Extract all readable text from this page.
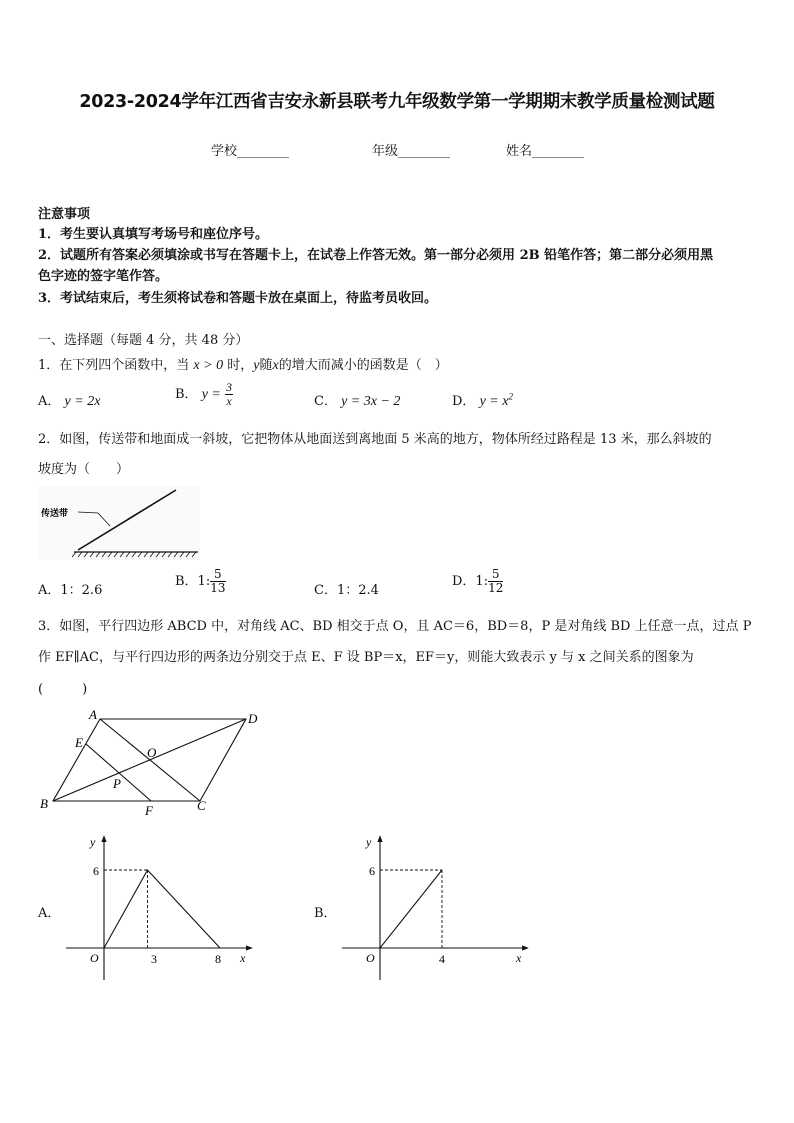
2023-2024学年江西省吉安永新县联考九年级数学第一学期期末教学质量检测试题
学校________	年级________	姓名________
注意事项
1．考生要认真填写考场号和座位序号。
2．试题所有答案必须填涂或书写在答题卡上，在试卷上作答无效。第一部分必须用 2B 铅笔作答；第二部分必须用黑
色字迹的签字笔作答。
3．考试结束后，考生须将试卷和答题卡放在桌面上，待监考员收回。
一、选择题（每题 4 分，共 48 分）
1．在下列四个函数中，当 x > 0 时，y随x的增大而减小的函数是（　）
A． y = 2x	B． $y = \frac{3}{x}$	C． y = 3x − 2	D． $y = x^2$
2．如图，传送带和地面成一斜坡，它把物体从地面送到离地面 5 米高的地方，物体所经过路程是 13 米，那么斜坡的
坡度为（　　）
传送带
A．1：2.6
B．1: $\frac{5}{13}$	C．1：2.4
D．1: $\frac{5}{12}$
3．如图，平行四边形 ABCD 中，对角线 AC、BD 相交于点 O，且 AC＝6，BD＝8，P 是对角线 BD 上任意一点，过点 P
作 EF∥AC，与平行四边形的两条边分别交于点 E、F 设 BP＝x，EF＝y，则能大致表示 y 与 x 之间关系的图象为
(　　　)
A	D
E
O
P
B	F	C
A．
y
x
O
6
3	8
B．
y
x
O
6
4
